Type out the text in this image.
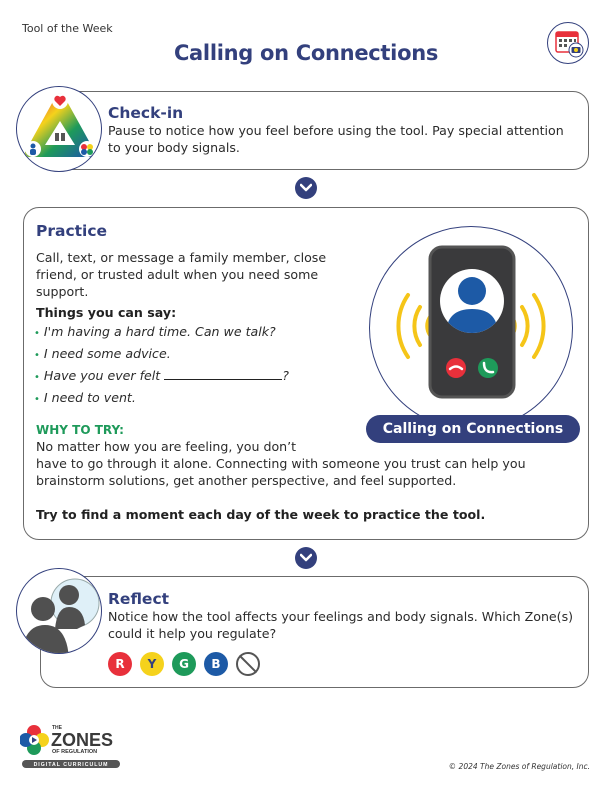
Tool of the Week
Calling on Connections
Check-in
Pause to notice how you feel before using the tool. Pay special attention to your body signals.
Practice
Call, text, or message a family member, close friend, or trusted adult when you need some support.
Things you can say:
• I'm having a hard time. Can we talk?
• I need some advice.
• Have you ever felt	?
• I need to vent.
Calling on Connections
WHY TO TRY:
No matter how you are feeling, you don’t
have to go through it alone. Connecting with someone you trust can help you brainstorm solutions, get another perspective, and feel supported.
Try to find a moment each day of the week to practice the tool.
Reflect
Notice how the tool affects your feelings and body signals. Which Zone(s) could it help you regulate?
R	Y	G	B
THE
ZONES
OF REGULATION
DIGITAL CURRICULUM	© 2024 The Zones of Regulation, Inc.
